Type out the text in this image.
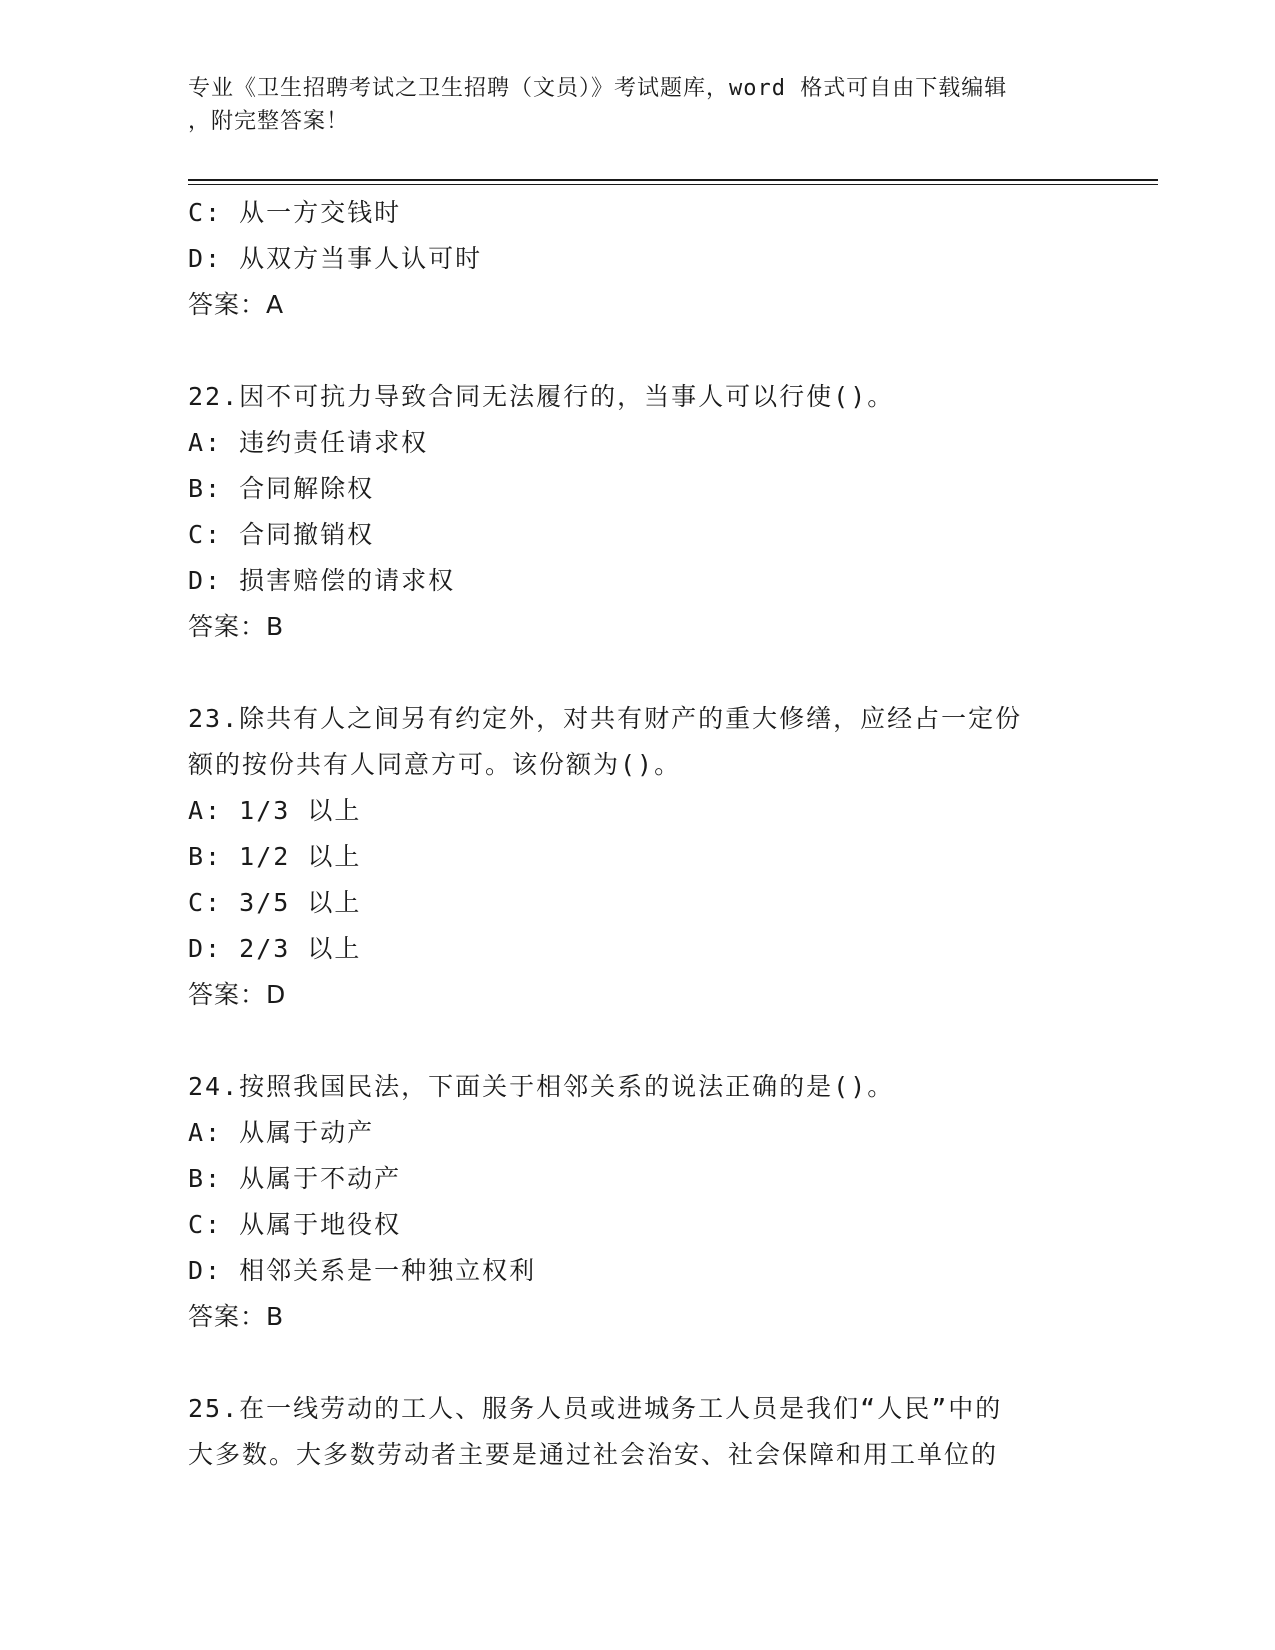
专业《卫生招聘考试之卫生招聘（文员）》考试题库，word 格式可自由下载编辑
，附完整答案！
C: 从一方交钱时
D: 从双方当事人认可时
答案：A
22.因不可抗力导致合同无法履行的，当事人可以行使()。
A: 违约责任请求权
B: 合同解除权
C: 合同撤销权
D: 损害赔偿的请求权
答案：B
23.除共有人之间另有约定外，对共有财产的重大修缮，应经占一定份
额的按份共有人同意方可。该份额为()。
A: 1/3 以上
B: 1/2 以上
C: 3/5 以上
D: 2/3 以上
答案：D
24.按照我国民法，下面关于相邻关系的说法正确的是()。
A: 从属于动产
B: 从属于不动产
C: 从属于地役权
D: 相邻关系是一种独立权利
答案：B
25.在一线劳动的工人、服务人员或进城务工人员是我们“人民”中的
大多数。大多数劳动者主要是通过社会治安、社会保障和用工单位的
